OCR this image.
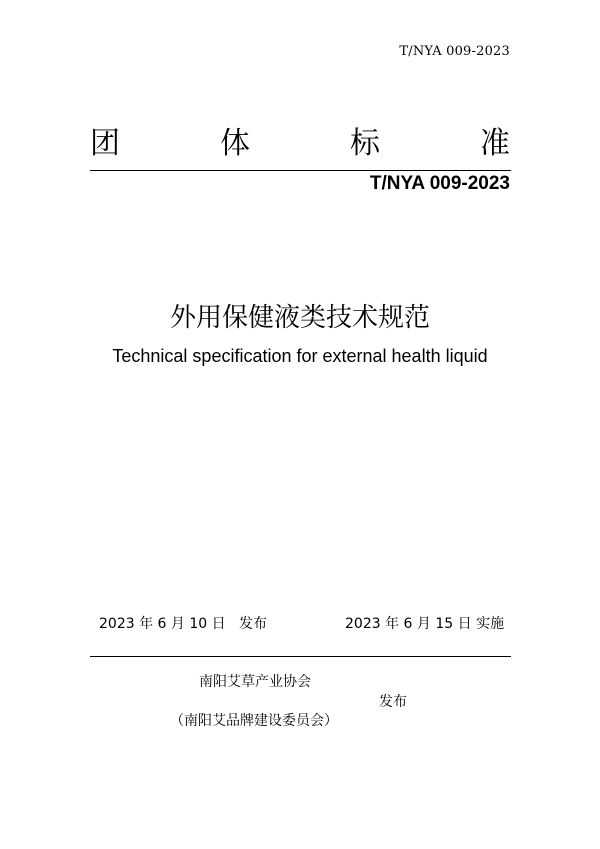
T/NYA 009-2023
团	体	标	准
T/NYA 009-2023
外用保健液类技术规范
Technical specification for external health liquid
2023 年 6 月 10 日 发布	2023 年 6 月 15 日 实施
南阳艾草产业协会
发布
（南阳艾品牌建设委员会）
